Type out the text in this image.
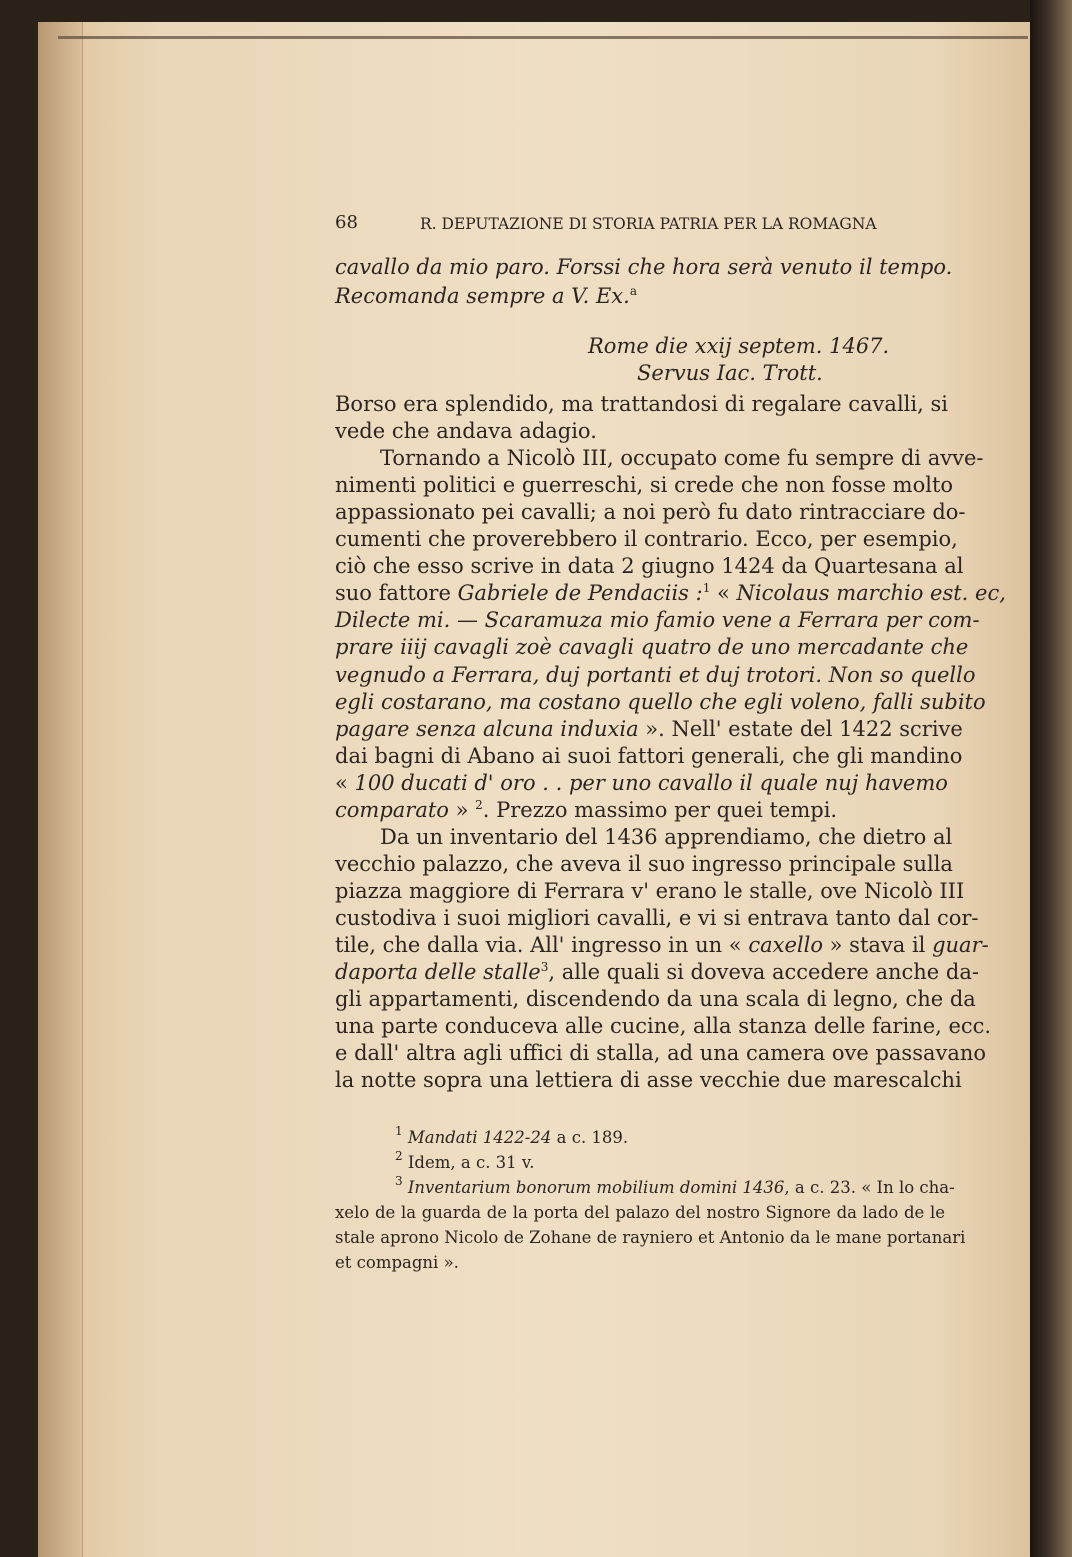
68	R. DEPUTAZIONE DI STORIA PATRIA PER LA ROMAGNA
cavallo da mio paro. Forssi che hora serà venuto il tempo.
Recomanda sempre a V. Ex.$^a$
Rome die xxij septem. 1467.
Servus Iac. Trott.
Borso era splendido, ma trattandosi di regalare cavalli, si
vede che andava adagio.
Tornando a Nicolò III, occupato come fu sempre di avve-
nimenti politici e guerreschi, si crede che non fosse molto
appassionato pei cavalli; a noi però fu dato rintracciare do-
cumenti che proverebbero il contrario. Ecco, per esempio,
ciò che esso scrive in data 2 giugno 1424 da Quartesana al
suo fattore Gabriele de Pendaciis :$^1$ « Nicolaus marchio est. ec,
Dilecte mi. — Scaramuza mio famio vene a Ferrara per com-
prare iiij cavagli zoè cavagli quatro de uno mercadante che
vegnudo a Ferrara, duj portanti et duj trotori. Non so quello
egli costarano, ma costano quello che egli voleno, falli subito
pagare senza alcuna induxia ». Nell' estate del 1422 scrive
dai bagni di Abano ai suoi fattori generali, che gli mandino
« 100 ducati d' oro . . per uno cavallo il quale nuj havemo
comparato » $^2$. Prezzo massimo per quei tempi.
Da un inventario del 1436 apprendiamo, che dietro al
vecchio palazzo, che aveva il suo ingresso principale sulla
piazza maggiore di Ferrara v' erano le stalle, ove Nicolò III
custodiva i suoi migliori cavalli, e vi si entrava tanto dal cor-
tile, che dalla via. All' ingresso in un « caxello » stava il guar-
daporta delle stalle$^3$, alle quali si doveva accedere anche da-
gli appartamenti, discendendo da una scala di legno, che da
una parte conduceva alle cucine, alla stanza delle farine, ecc.
e dall' altra agli uffici di stalla, ad una camera ove passavano
la notte sopra una lettiera di asse vecchie due marescalchi
$^1$ Mandati 1422-24 a c. 189.
$^2$ Idem, a c. 31 v.
$^3$ Inventarium bonorum mobilium domini 1436, a c. 23. « In lo cha-
xelo de la guarda de la porta del palazo del nostro Signore da lado de le
stale aprono Nicolo de Zohane de rayniero et Antonio da le mane portanari
et compagni ».
